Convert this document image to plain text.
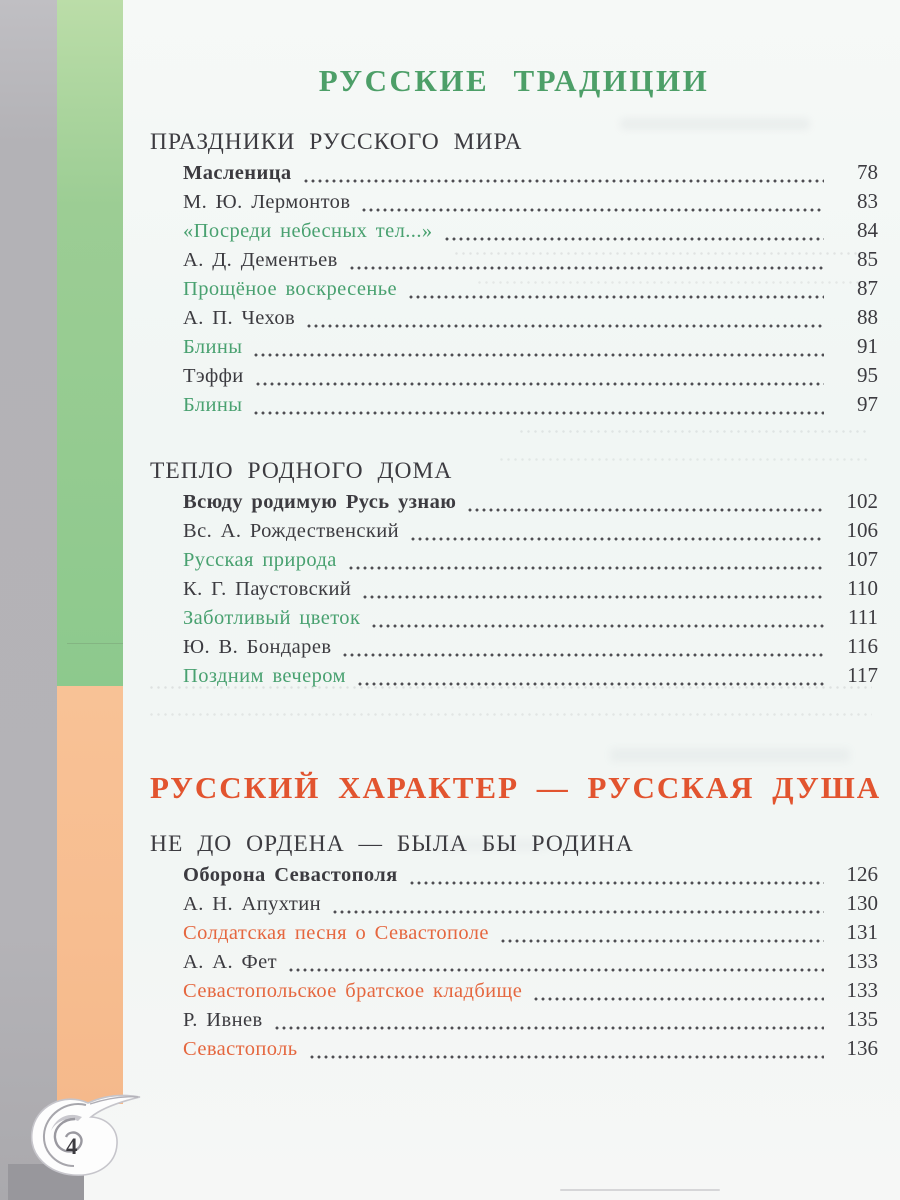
РУССКИЕ ТРАДИЦИИ
ПРАЗДНИКИ РУССКОГО МИРА
Масленица	78
М. Ю. Лермонтов	83
«Посреди небесных тел...»	84
А. Д. Дементьев	85
Прощёное воскресенье	87
А. П. Чехов	88
Блины	91
Тэффи	95
Блины	97
ТЕПЛО РОДНОГО ДОМА
Всюду родимую Русь узнаю	102
Вс. А. Рождественский	106
Русская природа	107
К. Г. Паустовский	110
Заботливый цветок	111
Ю. В. Бондарев	116
Поздним вечером	117
РУССКИЙ ХАРАКТЕР — РУССКАЯ ДУША
НЕ ДО ОРДЕНА — БЫЛА БЫ РОДИНА
Оборона Севастополя	126
А. Н. Апухтин	130
Солдатская песня о Севастополе	131
А. А. Фет	133
Севастопольское братское кладбище	133
Р. Ивнев	135
Севастополь	136
4
